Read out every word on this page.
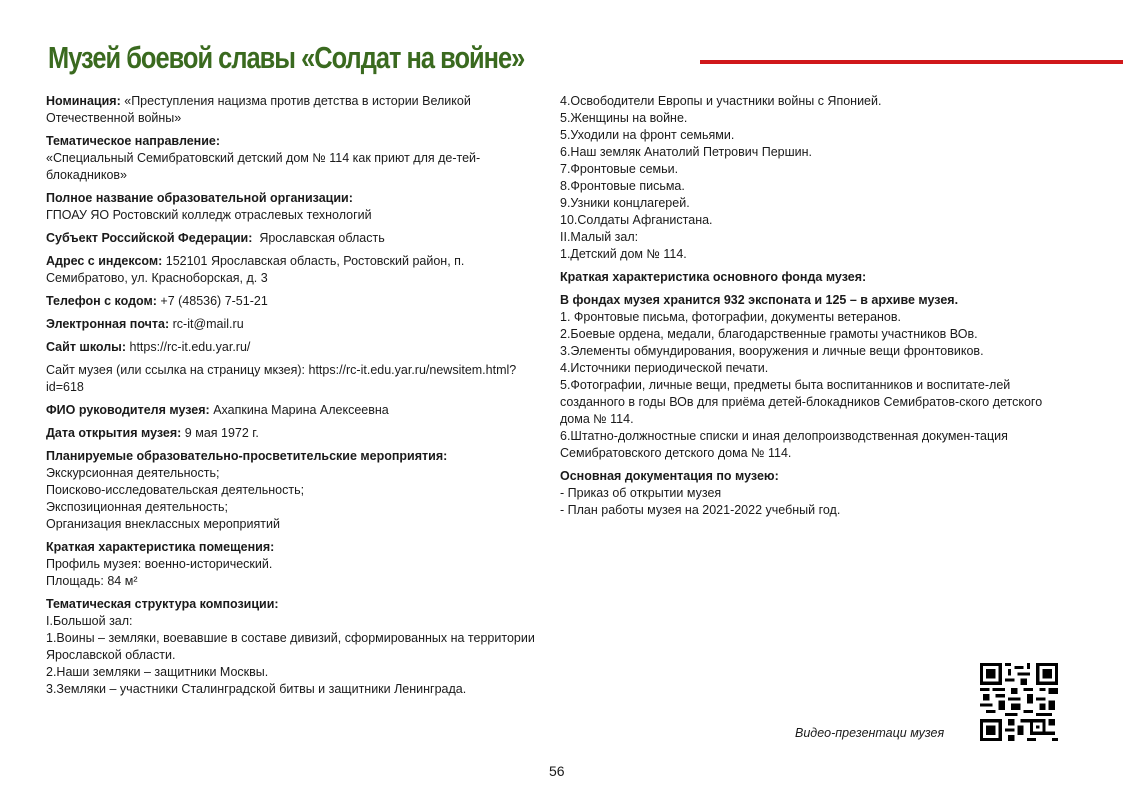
Музей боевой славы «Солдат на войне»
Номинация: «Преступления нацизма против детства в истории Великой Отечественной войны»
Тематическое направление:
«Специальный Семибратовский детский дом № 114 как приют для де-тей-блокадников»
Полное название образовательной организации:
ГПОАУ ЯО Ростовский колледж отраслевых технологий
Субъект Российской Федерации:  Ярославская область
Адрес с индексом: 152101 Ярославская область, Ростовский район, п. Семибратово, ул. Красноборская, д. 3
Телефон с кодом: +7 (48536) 7-51-21
Электронная почта: rc-it@mail.ru
Сайт школы: https://rc-it.edu.yar.ru/
Сайт музея (или ссылка на страницу мкзея): https://rc-it.edu.yar.ru/newsitem.html?id=618
ФИО руководителя музея: Ахапкина Марина Алексеевна
Дата открытия музея: 9 мая 1972 г.
Планируемые образовательно-просветительские мероприятия:
Экскурсионная деятельность;
Поисково-исследовательская деятельность;
Экспозиционная деятельность;
Организация внеклассных мероприятий
Краткая характеристика помещения:
Профиль музея: военно-исторический.
Площадь: 84 м²
Тематическая структура композиции:
I.Большой зал:
1.Воины – земляки, воевавшие в составе дивизий, сформированных на территории Ярославской области.
2.Наши земляки – защитники Москвы.
3.Земляки – участники Сталинградской битвы и защитники Ленинграда.
4.Освободители Европы и участники войны с Японией.
5.Женщины на войне.
5.Уходили на фронт семьями.
6.Наш земляк Анатолий Петрович Першин.
7.Фронтовые семьи.
8.Фронтовые письма.
9.Узники концлагерей.
10.Солдаты Афганистана.
II.Малый зал:
1.Детский дом № 114.
Краткая характеристика основного фонда музея:
В фондах музея хранится 932 экспоната и 125 – в архиве музея.
1. Фронтовые письма, фотографии, документы ветеранов.
2.Боевые ордена, медали, благодарственные грамоты участников ВОв.
3.Элементы обмундирования, вооружения и личные вещи фронтовиков.
4.Источники периодической печати.
5.Фотографии, личные вещи, предметы быта воспитанников и воспитате-лей созданного в годы ВОв для приёма детей-блокадников Семибратов-ского детского дома № 114.
6.Штатно-должностные списки и иная делопроизводственная докумен-тация Семибратовского детского дома № 114.
Основная документация по музею:
- Приказ об открытии музея
- План работы музея на 2021-2022 учебный год.
Видео-презентаци музея
56
